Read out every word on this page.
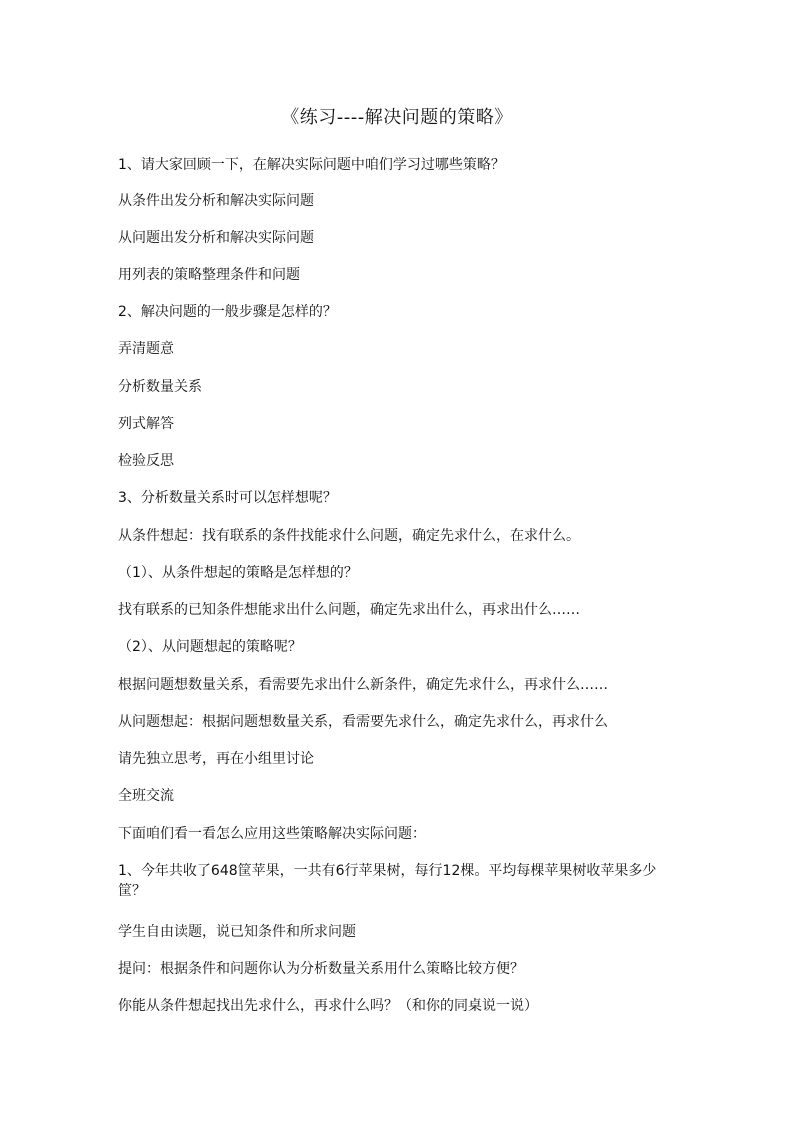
《练习----解决问题的策略》

1、请大家回顾一下，在解决实际问题中咱们学习过哪些策略？

从条件出发分析和解决实际问题

从问题出发分析和解决实际问题

用列表的策略整理条件和问题

2、解决问题的一般步骤是怎样的？

弄清题意

分析数量关系

列式解答

检验反思

3、分析数量关系时可以怎样想呢？

从条件想起：找有联系的条件找能求什么问题，确定先求什么，在求什么。

（1）、从条件想起的策略是怎样想的？

找有联系的已知条件想能求出什么问题，确定先求出什么，再求出什么……

（2）、从问题想起的策略呢？

根据问题想数量关系，看需要先求出什么新条件，确定先求什么，再求什么……

从问题想起：根据问题想数量关系，看需要先求什么，确定先求什么，再求什么

请先独立思考，再在小组里讨论

全班交流

下面咱们看一看怎么应用这些策略解决实际问题：

1、今年共收了648筐苹果，一共有6行苹果树，每行12棵。平均每棵苹果树收苹果多少筐？

学生自由读题，说已知条件和所求问题

提问：根据条件和问题你认为分析数量关系用什么策略比较方便？

你能从条件想起找出先求什么，再求什么吗？（和你的同桌说一说）
